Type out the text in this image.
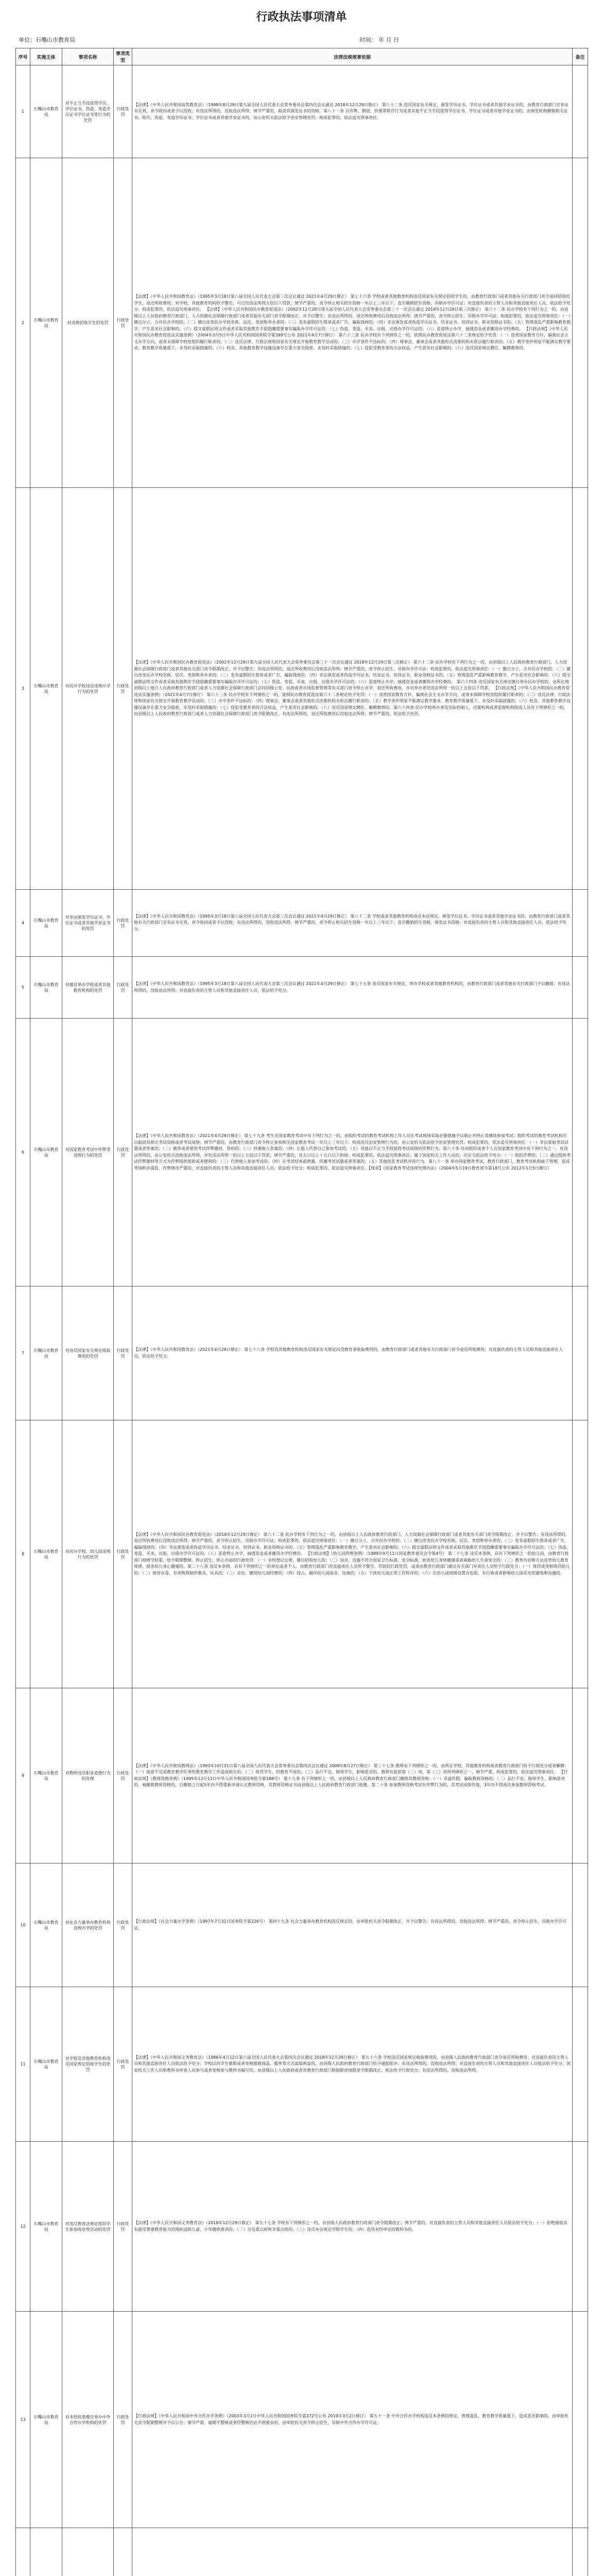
行政执法事项清单
单位：石嘴山市教育局	时间： 年 月 日
序号	实施主体	事项名称	事项类型	法律法规规章依据	备注
1	石嘴山市教育局	对不正当手段获得学历、学位证书，伪造、变造学历证书学位证书等行为的处罚	行政处罚	【法律】《中华人民共和国高等教育法》（1998年8月29日第九届全国人民代表大会常务委员会第四次会议通过 2018年12月29日修正） 第八十二条 违反国家有关规定，颁发学历证书、学位证书或者其他学业证书的，由教育行政部门宣布证书无效，责令收回或者予以没收；有违法所得的，没收违法所得；情节严重的，取消其颁发证书的资格。第八十一条 以作弊、剽窃、抄袭等欺诈行为或者其他不正当手段获得学历证书、学位证书或者其他学业证书的，由颁发机构撤销相关证书。购买、伪造、变造学历证书、学位证书或者其他学业证书的，由公安机关依法给予治安管理处罚；构成犯罪的，依法追究刑事责任。	
2	石嘴山市教育局	对违规招收学生的处罚	行政处罚	【法律】《中华人民共和国教育法》（1995年3月18日第八届全国人民代表大会第三次会议通过 2021年4月29日修正） 第七十六条 学校或者其他教育机构违反国家有关规定招收学生的，由教育行政部门或者其他有关行政部门责令退回招收的学生，退还所收费用；对学校、其他教育机构给予警告，可以处违法所得五倍以下罚款；情节严重的，责令停止相关招生资格一年以上三年以下，直至撤销招生资格、吊销办学许可证；对直接负责的主管人员和其他直接责任人员，依法给予处分；构成犯罪的，依法追究刑事责任。 【法律】《中华人民共和国民办教育促进法》（2002年12月28日第九届全国人民代表大会常务委员会第三十一次会议通过 2018年12月29日第三次修正） 第六十二条 民办学校有下列行为之一的，由县级以上人民政府教育行政部门、人力资源社会保障行政部门或者其他有关部门责令限期改正，并予以警告；有违法所得的，退还所收费用后没收违法所得；情节严重的，责令停止招生、吊销办学许可证；构成犯罪的，依法追究刑事责任：（一）擅自分立、合并民办学校的；（二）擅自改变民办学校名称、层次、类别和举办者的；（三）发布虚假招生简章或者广告，骗取钱财的；（四）非法颁发或者伪造学历证书、结业证书、培训证书、职业资格证书的；（五）管理混乱严重影响教育教学，产生恶劣社会影响的；（六）提交虚假证明文件或者采取其他欺诈手段隐瞒重要事实骗取办学许可证的；（七）伪造、变造、买卖、出租、出借办学许可证的；（八）恶意终止办学、抽逃资金或者挪用办学经费的。 【行政法规】《中华人民共和国民办教育促进法实施条例》（2004年3月5日中华人民共和国国务院令第399号公布 2021年4月7日修订） 第六十三条 民办学校有下列情形之一的，依照民办教育促进法第六十二条规定给予处罚：（一）违背国家教育方针，偏离社会主义办学方向，或者未保障学校党组织履行职责的；（二）违反法律、行政法规和国家有关规定开展教育教学活动的；（三）办学条件不达标的；（四）理事会、董事会或者其他形式决策机构未依法履行职责的；（五）教学条件明显不能满足教学要求、教育教学质量低下，未及时采取措施的；（六）校舍、其他教育教学设施设备存在重大安全隐患，未及时采取措施的；（七）侵犯受教育者的合法权益，产生恶劣社会影响的；（八）违反国家规定聘任、解聘教师的。	
3	石嘴山市教育局	对民办学校违法违规办学行为的处罚	行政处罚	【法律】《中华人民共和国民办教育促进法》（2002年12月28日第九届全国人民代表大会常务委员会第三十一次会议通过 2018年12月29日第三次修正） 第六十二条 民办学校有下列行为之一的，由县级以上人民政府教育行政部门、人力资源社会保障行政部门或者其他有关部门责令限期改正，并予以警告；有违法所得的，退还所收费用后没收违法所得；情节严重的，责令停止招生、吊销办学许可证；构成犯罪的，依法追究刑事责任：（一）擅自分立、合并民办学校的；（二）擅自改变民办学校名称、层次、类别和举办者的；（三）发布虚假招生简章或者广告，骗取钱财的；（四）非法颁发或者伪造学历证书、结业证书、培训证书、职业资格证书的；（五）管理混乱严重影响教育教学，产生恶劣社会影响的；（六）提交虚假证明文件或者采取其他欺诈手段隐瞒重要事实骗取办学许可证的；（七）伪造、变造、买卖、出租、出借办学许可证的；（八）恶意终止办学、抽逃资金或者挪用办学经费的。 第六十四条 违反国家有关规定擅自举办民办学校的，由所在地县级以上地方人民政府教育行政部门或者人力资源社会保障行政部门会同同级公安、民政或者市场监督管理等有关部门责令停止办学、退还所收费用，并对举办者处违法所得一倍以上五倍以下罚款。 【行政法规】《中华人民共和国民办教育促进法实施条例》（2021年4月7日修订） 第六十三条 民办学校有下列情形之一的，依照民办教育促进法第六十二条规定给予处罚：（一）违背国家教育方针，偏离社会主义办学方向，或者未保障学校党组织履行职责的；（二）违反法律、行政法规和国家有关规定开展教育教学活动的；（三）办学条件不达标的；（四）理事会、董事会或者其他形式决策机构未依法履行职责的；（五）教学条件明显不能满足教学要求、教育教学质量低下，未及时采取措施的；（六）校舍、其他教育教学设施设备存在重大安全隐患，未及时采取措施的；（七）侵犯受教育者的合法权益，产生恶劣社会影响的；（八）违反国家规定聘任、解聘教师的。第六十四条 民办学校举办者及实际控制人、决策机构或者监督机构组成人员有下列情形之一的，由县级以上人民政府教育行政部门或者人力资源社会保障行政部门责令限期改正，有违法所得的，退还所收费用后没收违法所得；情节严重的，依法给予处罚。	
4	石嘴山市教育局	对非法颁发学历证书、学位证书或者其他学业证书的处罚	行政处罚	【法律】《中华人民共和国教育法》（1995年3月18日第八届全国人民代表大会第三次会议通过 2021年4月29日修正） 第八十二条 学校或者其他教育机构违反本法规定，颁发学位证书、学历证书或者其他学业证书的，由教育行政部门或者其他有关行政部门宣布证书无效，责令收回或者予以没收；有违法所得的，没收违法所得；情节严重的，责令停止相关招生资格一年以上三年以下，直至撤销招生资格、颁发证书资格；对直接负责的主管人员和其他直接责任人员，依法给予处分。	
5	石嘴山市教育局	对擅自举办学校或者其他教育机构的处罚	行政处罚	【法律】《中华人民共和国教育法》（1995年3月18日第八届全国人民代表大会第三次会议通过 2021年4月29日修正） 第七十五条 违反国家有关规定，举办学校或者其他教育机构的，由教育行政部门或者其他有关行政部门予以撤销；有违法所得的，没收违法所得；对直接负责的主管人员和其他直接责任人员，依法给予处分。	
6	石嘴山市教育局	对国家教育考试中作弊等违规行为的处罚	行政处罚	【法律】《中华人民共和国教育法》（2021年4月29日修正） 第七十九条 考生在国家教育考试中有下列行为之一的，由组织考试的教育考试机构工作人员在考试现场采取必要措施予以制止并终止其继续参加考试；组织考试的教育考试机构可以取消其相关考试资格或者考试成绩；情节严重的，由教育行政部门责令停止参加相关国家教育考试一年以上三年以下；构成违反治安管理行为的，由公安机关依法给予治安管理处罚；构成犯罪的，依法追究刑事责任：（一）非法获取考试试题或者答案的；（二）携带或者使用考试作弊器材、资料的；（三）抄袭他人答案的；（四）让他人代替自己参加考试的；（五）其他以不正当手段获得考试成绩的作弊行为。第八十条 任何组织或者个人在国家教育考试中有下列行为之一，有违法所得的，由公安机关没收违法所得，并处违法所得一倍以上五倍以下罚款；情节严重的，处五日以上十五日以下拘留；构成犯罪的，依法追究刑事责任；属于国家机关工作人员的，还应当依法给予处分：（一）组织作弊的；（二）通过提供考试作弊器材等方式为作弊提供帮助或者便利的；（三）代替他人参加考试的；（四）在考试结束前泄露、传播考试试题或者答案的；（五）其他扰乱考试秩序的行为。第八十一条 举办国家教育考试，教育行政部门、教育考试机构疏于管理，造成考场秩序混乱、作弊情况严重的，对直接负责的主管人员和其他直接责任人员，依法给予处分；构成犯罪的，依法追究刑事责任。【规章】《国家教育考试违规处理办法》（2004年5月19日教育部令第18号公布 2012年1月5日修订）	
7	石嘴山市教育局	对违反国家有关规定收取费用的处罚	行政处罚	【法律】《中华人民共和国教育法》（2021年4月29日修正） 第七十八条 学校及其他教育机构违反国家有关规定向受教育者收取费用的，由教育行政部门或者其他有关行政部门责令退还所收费用；对直接负责的主管人员和其他直接责任人员，依法给予处分。	
8	石嘴山市教育局	对民办学校、幼儿园违规行为的处罚	行政处罚	【法律】《中华人民共和国民办教育促进法》（2018年12月29日修正） 第六十二条 民办学校有下列行为之一的，由县级以上人民政府教育行政部门、人力资源社会保障行政部门或者其他有关部门责令限期改正，并予以警告；有违法所得的，退还所收费用后没收违法所得；情节严重的，责令停止招生、吊销办学许可证；构成犯罪的，依法追究刑事责任：（一）擅自分立、合并民办学校的；（二）擅自改变民办学校名称、层次、类别和举办者的；（三）发布虚假招生简章或者广告，骗取钱财的；（四）非法颁发或者伪造学历证书、结业证书、培训证书、职业资格证书的；（五）管理混乱严重影响教育教学，产生恶劣社会影响的；（六）提交虚假证明文件或者采取其他欺诈手段隐瞒重要事实骗取办学许可证的；（七）伪造、变造、买卖、出租、出借办学许可证的；（八）恶意终止办学、抽逃资金或者挪用办学经费的。 【行政法规】《幼儿园管理条例》（1989年9月11日国家教育委员会令第4号） 第二十七条 违反本条例，具有下列情形之一的幼儿园，由教育行政部门视情节轻重，给予限期整顿、停止招生、停止办园的行政处罚：（一）未经登记注册，擅自招收幼儿的；（二）园舍、设施不符合国家卫生标准、安全标准，妨害幼儿身体健康或者威胁幼儿生命安全的；（三）教育内容和方法违背幼儿教育规律，损害幼儿身心健康的。第二十八条 违反本条例，具有下列情形之一的单位或者个人，由教育行政部门对直接责任人员给予警告、罚款的行政处罚，或者由教育行政部门建议有关部门对责任人员给予行政处分：（一）体罚或变相体罚幼儿的；（二）使用有毒、有害物质制作教具、玩具的；（三）克扣、挪用幼儿园经费的；（四）侵占、破坏幼儿园园舍、设备的；（五）干扰幼儿园正常工作秩序的；（六）在幼儿园周围设置有危险、有污染或者影响幼儿园采光的建筑和设施的。	
9	石嘴山市教育局	对教师违反职业道德行为的处理	行政处罚	【法律】《中华人民共和国教师法》（1993年10月31日第八届全国人民代表大会常务委员会第四次会议通过 2009年8月27日修正） 第三十七条 教师有下列情形之一的，由所在学校、其他教育机构或者教育行政部门给予行政处分或者解聘：（一）故意不完成教育教学任务给教育教学工作造成损失的；（二）体罚学生，经教育不改的；（三）品行不良、侮辱学生，影响恶劣的。教师有前款第（二）项、第（三）项所列情形之一，情节严重，构成犯罪的，依法追究刑事责任。 【行政法规】《教师资格条例》（1995年12月12日中华人民共和国国务院令第188号） 第十九条 有下列情形之一的，由县级以上人民政府教育行政部门撤销其教师资格：（一）弄虚作假、骗取教师资格的；（二）品行不良、侮辱学生，影响恶劣的。被撤销教师资格的，自撤销之日起5年内不得重新申请认定教师资格，其教师资格证书由县级以上人民政府教育行政部门收缴。第二十条 参加教师资格考试有作弊行为的，其考试成绩作废，3年内不得再次参加教师资格考试。	
10	石嘴山市教育局	对社会力量举办教育机构违规办学的处罚	行政处罚	【行政法规】《社会力量办学条例》（1997年7月31日国务院令第226号） 第四十九条 社会力量举办教育机构违反规定的，由审批机关责令限期改正，并予以警告；有违法所得的，没收违法所得；情节严重的，责令停止招生、吊销办学许可证。	
11	石嘴山市教育局	对学校及其他教育机构违反国家规定招收学生的处罚	行政处罚	【法律】《中华人民共和国义务教育法》（1986年4月12日第六届全国人民代表大会第四次会议通过 2018年12月29日修正） 第五十六条 学校违反国家规定收取费用的，由县级人民政府教育行政部门责令退还所收费用；对直接负责的主管人员和其他直接责任人员依法给予处分。学校以向学生推销或者变相推销商品、服务等方式谋取利益的，由县级人民政府教育行政部门给予通报批评；有违法所得的，没收违法所得；对直接负责的主管人员和其他直接责任人员依法给予处分。国家机关工作人员和教科书审查人员参与或者变相参与教科书编写的，由县级以上人民政府或者其教育行政部门根据职责权限责令限期改正，依法给予行政处分；有违法所得的，没收违法所得。	
12	石嘴山市教育局	对违反教育法规定组织学生参加商业性活动的处罚	行政处罚	【法律】《中华人民共和国义务教育法》（2018年12月29日修正） 第五十七条 学校有下列情形之一的，由县级人民政府教育行政部门责令限期改正；情节严重的，对直接负责的主管人员和其他直接责任人员依法给予处分：（一）拒绝接收具有接受普通教育能力的残疾适龄儿童、少年随班就读的；（二）分设重点班和非重点班的；（三）违反本法规定开除学生的；（四）选用未经审定的教科书的。	
13	石嘴山市教育局	对未经批准擅自举办中外合作办学机构的处罚	行政处罚	【行政法规】《中华人民共和国中外合作办学条例》（2003年3月1日中华人民共和国国务院令第372号公布 2019年3月2日修订） 第五十一条 中外合作办学机构违反本条例的规定，管理混乱，教育教学质量低下，造成恶劣影响的，由审批机关责令限期整顿并予以公告；情节严重、逾期不整顿或者经整顿仍达不到要求的，由审批机关责令停止招生、吊销中外合作办学许可证。	
